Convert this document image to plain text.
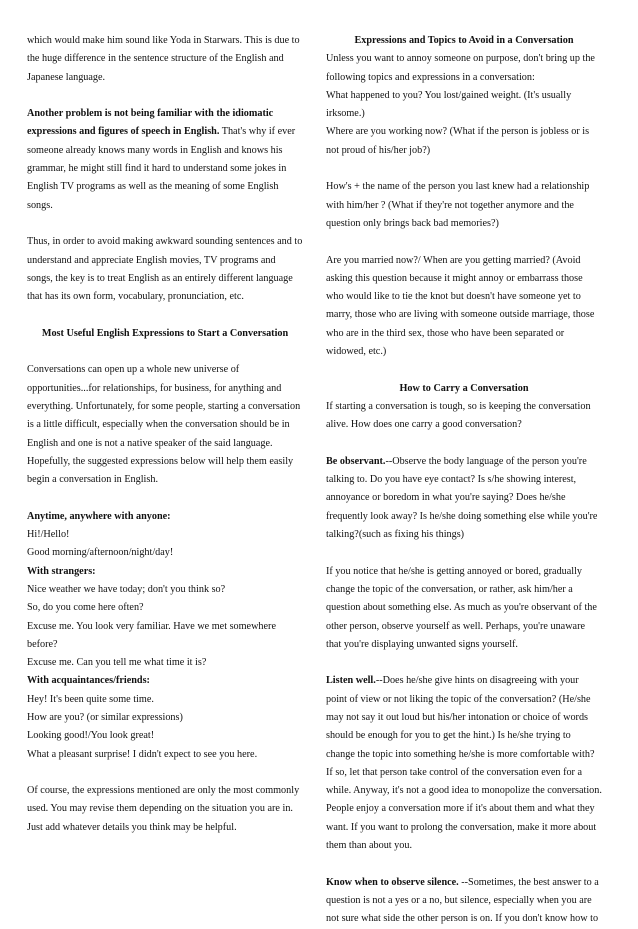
which would make him sound like Yoda in Starwars. This is due to the huge difference in the sentence structure of the English and Japanese language.

Another problem is not being familiar with the idiomatic expressions and figures of speech in English. That's why if ever someone already knows many words in English and knows his grammar, he might still find it hard to understand some jokes in English TV programs as well as the meaning of some English songs.

Thus, in order to avoid making awkward sounding sentences and to understand and appreciate English movies, TV programs and songs, the key is to treat English as an entirely different language that has its own form, vocabulary, pronunciation, etc.

Most Useful English Expressions to Start a Conversation

Conversations can open up a whole new universe of opportunities...for relationships, for business, for anything and everything. Unfortunately, for some people, starting a conversation is a little difficult, especially when the conversation should be in English and one is not a native speaker of the said language. Hopefully, the suggested expressions below will help them easily begin a conversation in English.

Anytime, anywhere with anyone:

Hi!/Hello!

Good morning/afternoon/night/day!

With strangers:

Nice weather we have today; don't you think so?

So, do you come here often?

Excuse me. You look very familiar. Have we met somewhere before?

Excuse me. Can you tell me what time it is?

With acquaintances/friends:

Hey! It's been quite some time.

How are you? (or similar expressions)

Looking good!/You look great!

What a pleasant surprise! I didn't expect to see you here.

Of course, the expressions mentioned are only the most commonly used. You may revise them depending on the situation you are in. Just add whatever details you think may be helpful.

Expressions and Topics to Avoid in a Conversation

Unless you want to annoy someone on purpose, don't bring up the following topics and expressions in a conversation:

What happened to you? You lost/gained weight. (It's usually irksome.)

Where are you working now? (What if the person is jobless or is not proud of his/her job?)

How's + the name of the person you last knew had a relationship with him/her ? (What if they're not together anymore and the question only brings back bad memories?)

Are you married now?/ When are you getting married? (Avoid asking this question because it might annoy or embarrass those who would like to tie the knot but doesn't have someone yet to marry, those who are living with someone outside marriage, those who are in the third sex, those who have been separated or widowed, etc.)

How to Carry a Conversation

If starting a conversation is tough, so is keeping the conversation alive. How does one carry a good conversation?

Be observant.--Observe the body language of the person you're talking to. Do you have eye contact? Is s/he showing interest, annoyance or boredom in what you're saying? Does he/she frequently look away? Is he/she doing something else while you're talking?(such as fixing his things)

If you notice that he/she is getting annoyed or bored, gradually change the topic of the conversation, or rather, ask him/her a question about something else. As much as you're observant of the other person, observe yourself as well. Perhaps, you're unaware that you're displaying unwanted signs yourself.

Listen well.--Does he/she give hints on disagreeing with your point of view or not liking the topic of the conversation? (He/she may not say it out loud but his/her intonation or choice of words should be enough for you to get the hint.) Is he/she trying to change the topic into something he/she is more comfortable with? If so, let that person take control of the conversation even for a while. Anyway, it's not a good idea to monopolize the conversation. People enjoy a conversation more if it's about them and what they want. If you want to prolong the conversation, make it more about them than about you.

Know when to observe silence. --Sometimes, the best answer to a question is not a yes or a no, but silence, especially when you are not sure what side the other person is on. If you don't know how to
